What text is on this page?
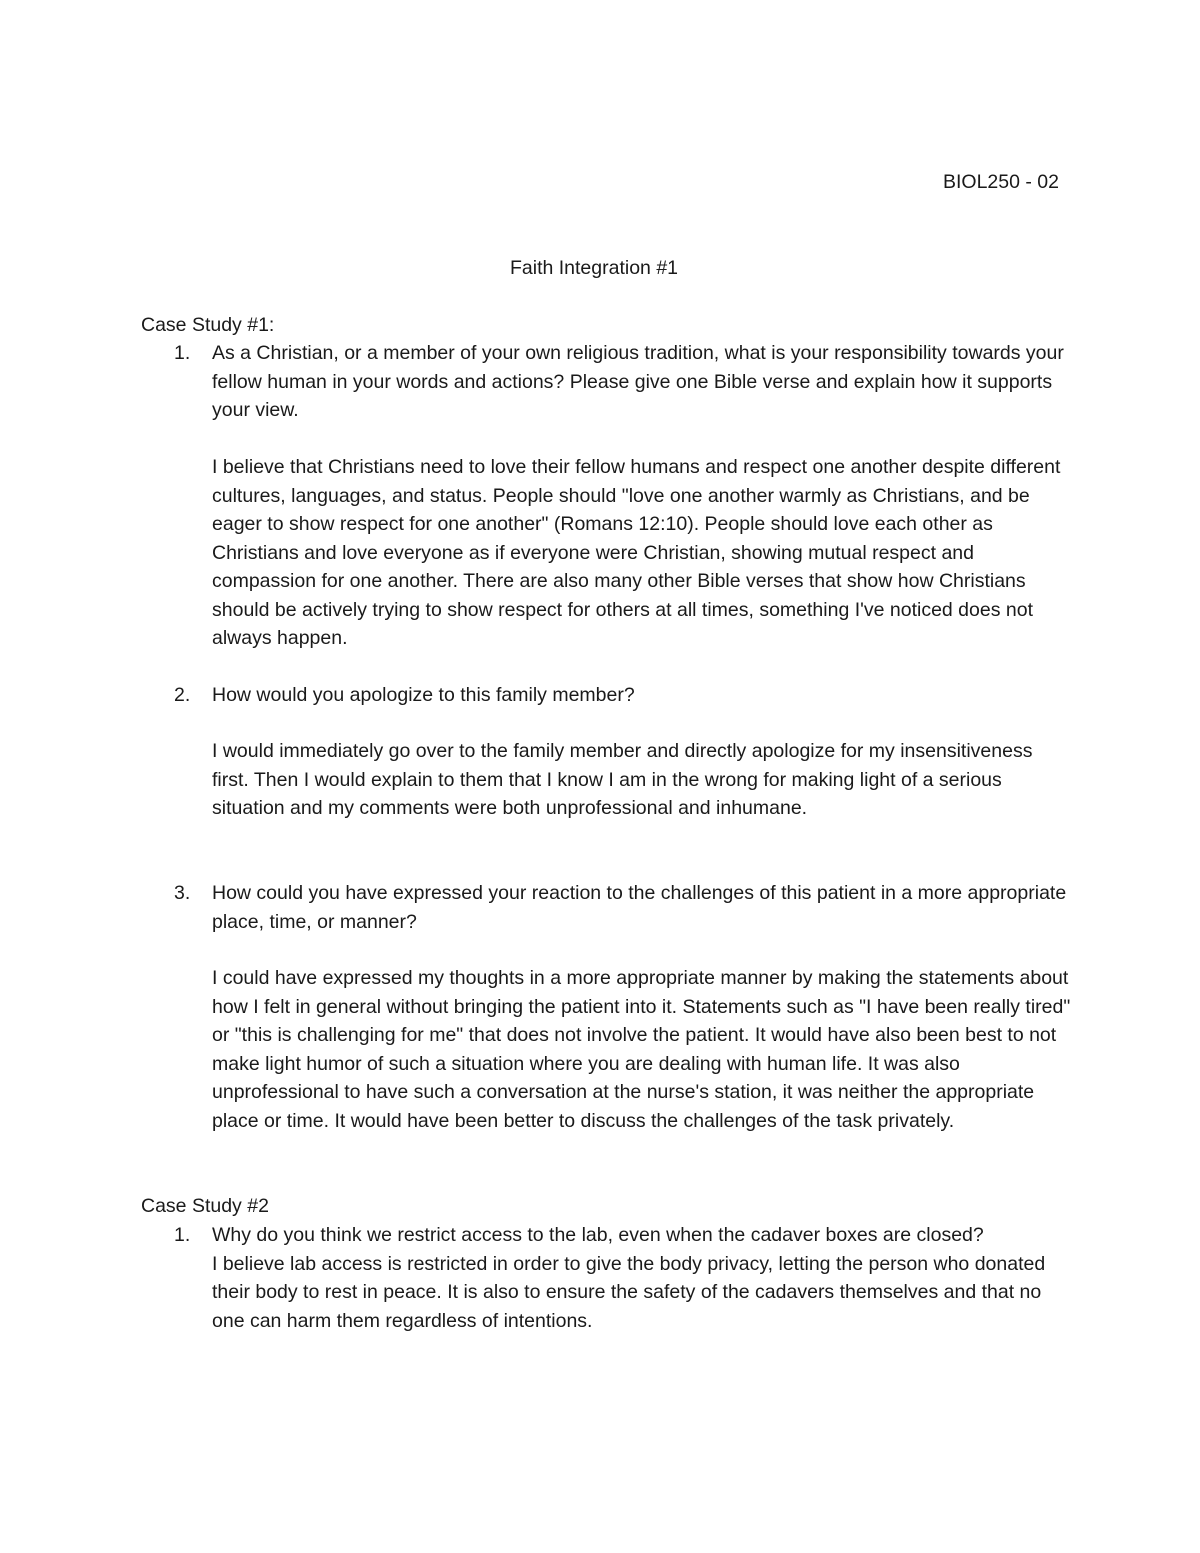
BIOL250 - 02
Faith Integration #1
Case Study #1:
1. As a Christian, or a member of your own religious tradition, what is your responsibility towards your fellow human in your words and actions? Please give one Bible verse and explain how it supports your view.

I believe that Christians need to love their fellow humans and respect one another despite different cultures, languages, and status. People should "love one another warmly as Christians, and be eager to show respect for one another" (Romans 12:10). People should love each other as Christians and love everyone as if everyone were Christian, showing mutual respect and compassion for one another. There are also many other Bible verses that show how Christians should be actively trying to show respect for others at all times, something I've noticed does not always happen.

2. How would you apologize to this family member?

I would immediately go over to the family member and directly apologize for my insensitiveness first. Then I would explain to them that I know I am in the wrong for making light of a serious situation and my comments were both unprofessional and inhumane.

3. How could you have expressed your reaction to the challenges of this patient in a more appropriate place, time, or manner?

I could have expressed my thoughts in a more appropriate manner by making the statements about how I felt in general without bringing the patient into it. Statements such as "I have been really tired" or "this is challenging for me" that does not involve the patient. It would have also been best to not make light humor of such a situation where you are dealing with human life. It was also unprofessional to have such a conversation at the nurse's station, it was neither the appropriate place or time. It would have been better to discuss the challenges of the task privately.

Case Study #2
1. Why do you think we restrict access to the lab, even when the cadaver boxes are closed?

I believe lab access is restricted in order to give the body privacy, letting the person who donated their body to rest in peace. It is also to ensure the safety of the cadavers themselves and that no one can harm them regardless of intentions.
